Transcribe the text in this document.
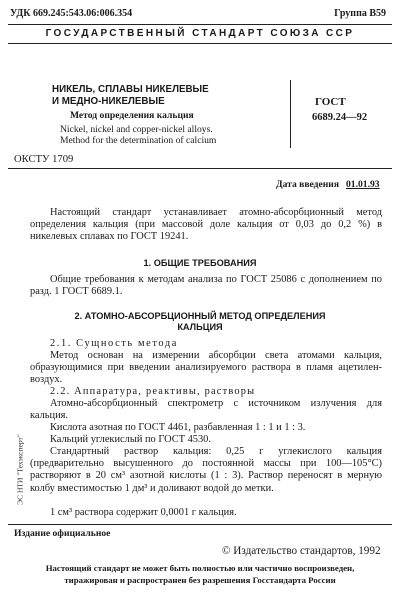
УДК 669.245:543.06:006.354	Группа В59
ГОСУДАРСТВЕННЫЙ СТАНДАРТ СОЮЗА ССР
НИКЕЛЬ, СПЛАВЫ НИКЕЛЕВЫЕ
И МЕДНО-НИКЕЛЕВЫЕ
Метод определения кальция
Nickel, nickel and copper-nickel alloys.
Method for the determination of calcium
ГОСТ
6689.24—92
ОКСТУ 1709
Дата введения 01.01.93
Настоящий стандарт устанавливает атомно-абсорбционный метод определения кальция (при массовой доле кальция от 0,03 до 0,2 %) в никелевых сплавах по ГОСТ 19241.
1. ОБЩИЕ ТРЕБОВАНИЯ
Общие требования к методам анализа по ГОСТ 25086 с дополнением по разд. 1 ГОСТ 6689.1.
2. АТОМНО-АБСОРБЦИОННЫЙ МЕТОД ОПРЕДЕЛЕНИЯ
КАЛЬЦИЯ
2.1. Сущность метода
Метод основан на измерении абсорбции света атомами кальция, образующимися при введении анализируемого раствора в пламя ацетилен-воздух.
2.2. Аппаратура, реактивы, растворы
Атомно-абсорбционный спектрометр с источником излучения для кальция.
Кислота азотная по ГОСТ 4461, разбавленная 1 : 1 и 1 : 3.
Кальций углекислый по ГОСТ 4530.
Стандартный раствор кальция: 0,25 г углекислого кальция (предварительно высушенного до постоянной массы при 100—105°С) растворяют в 20 см³ азотной кислоты (1 : 3). Раствор переносят в мерную колбу вместимостью 1 дм³ и доливают водой до метки.
1 см³ раствора содержит 0,0001 г кальция.
ЭС НТИ "Техэксперт"
Издание официальное
© Издательство стандартов, 1992
Настоящий стандарт не может быть полностью или частично воспроизведен,
тиражирован и распространен без разрешения Госстандарта России
